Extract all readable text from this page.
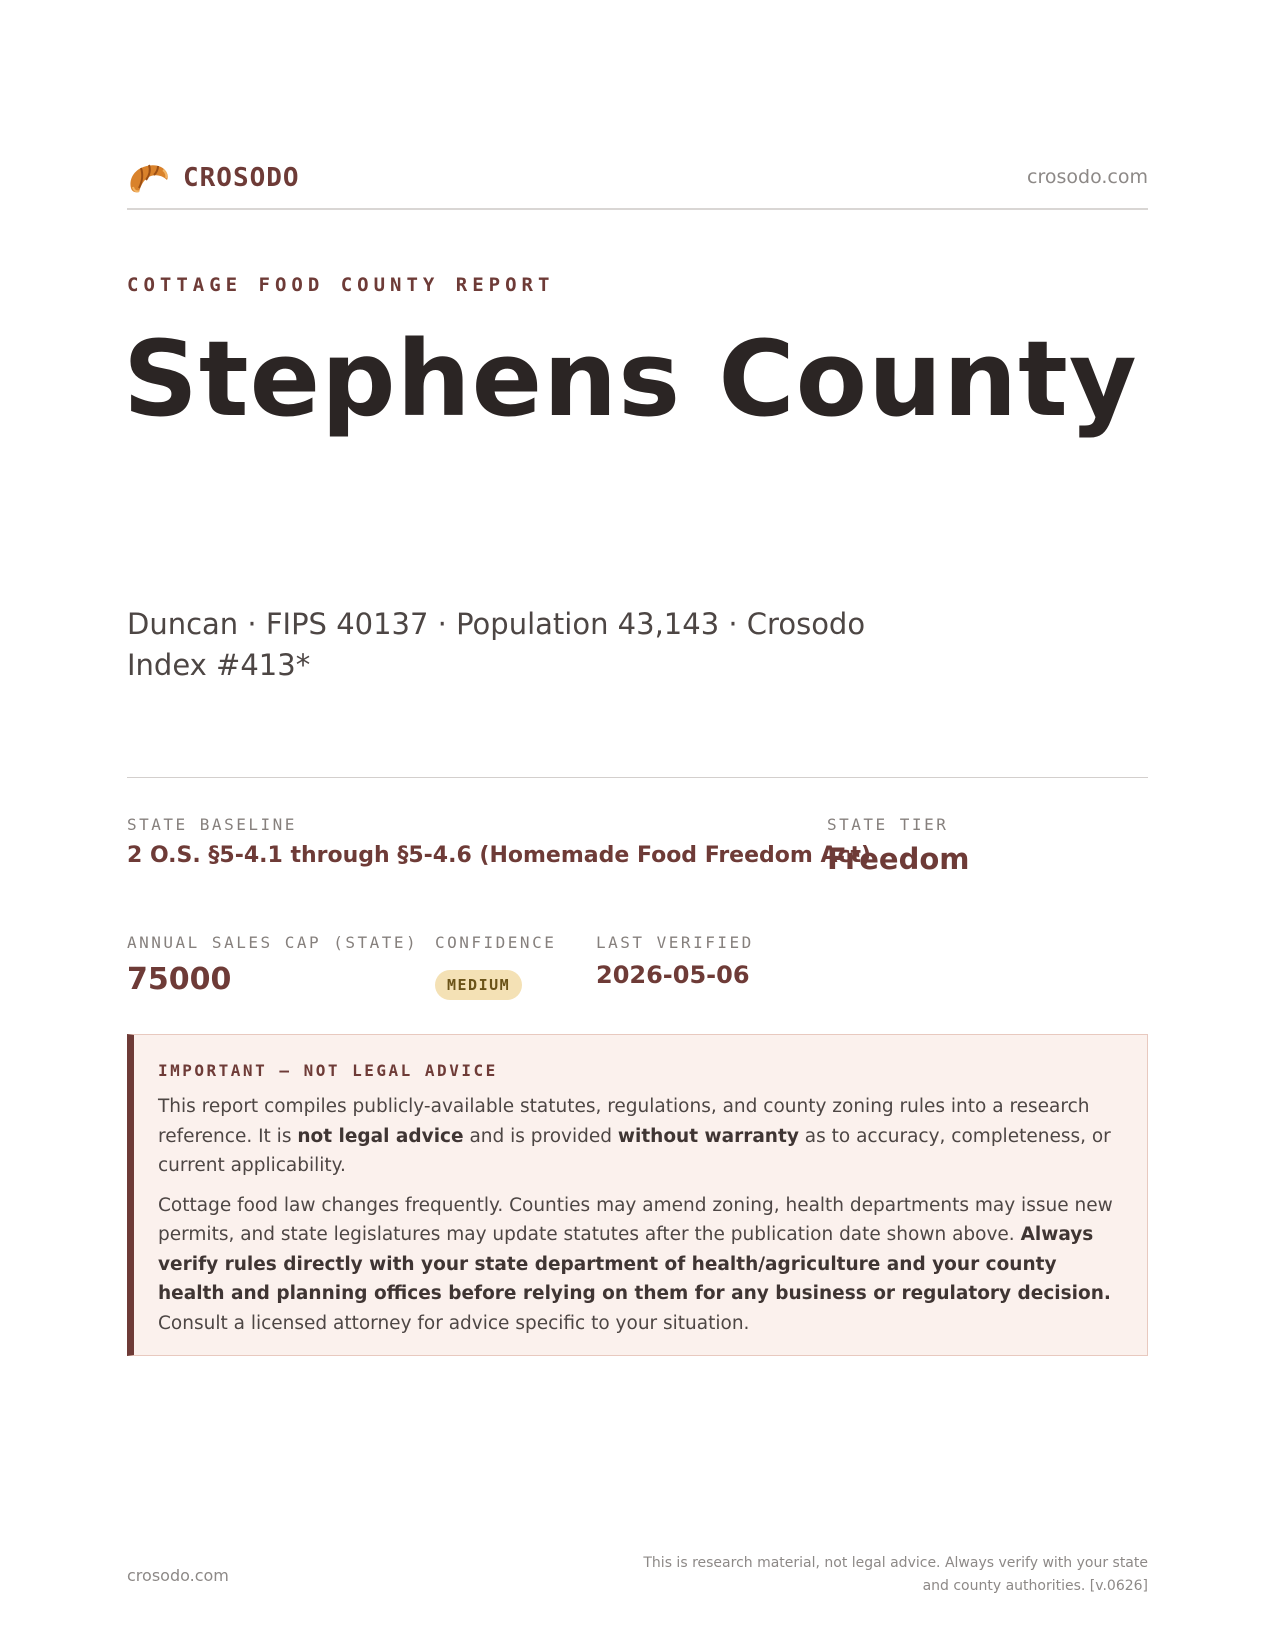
CROSODO	crosodo.com
COTTAGE FOOD COUNTY REPORT
Stephens County
Duncan · FIPS 40137 · Population 43,143 · Crosodo Index #413*
STATE BASELINE
2 O.S. §5-4.1 through §5-4.6 (Homemade Food Freedom Act)
STATE TIER
Freedom
ANNUAL SALES CAP (STATE)
75000
CONFIDENCE
MEDIUM
LAST VERIFIED
2026-05-06
IMPORTANT — NOT LEGAL ADVICE

This report compiles publicly-available statutes, regulations, and county zoning rules into a research reference. It is not legal advice and is provided without warranty as to accuracy, completeness, or current applicability.

Cottage food law changes frequently. Counties may amend zoning, health departments may issue new permits, and state legislatures may update statutes after the publication date shown above. Always verify rules directly with your state department of health/agriculture and your county health and planning offices before relying on them for any business or regulatory decision. Consult a licensed attorney for advice specific to your situation.

crosodo.com
This is research material, not legal advice. Always verify with your state
and county authorities. [v.0626]
